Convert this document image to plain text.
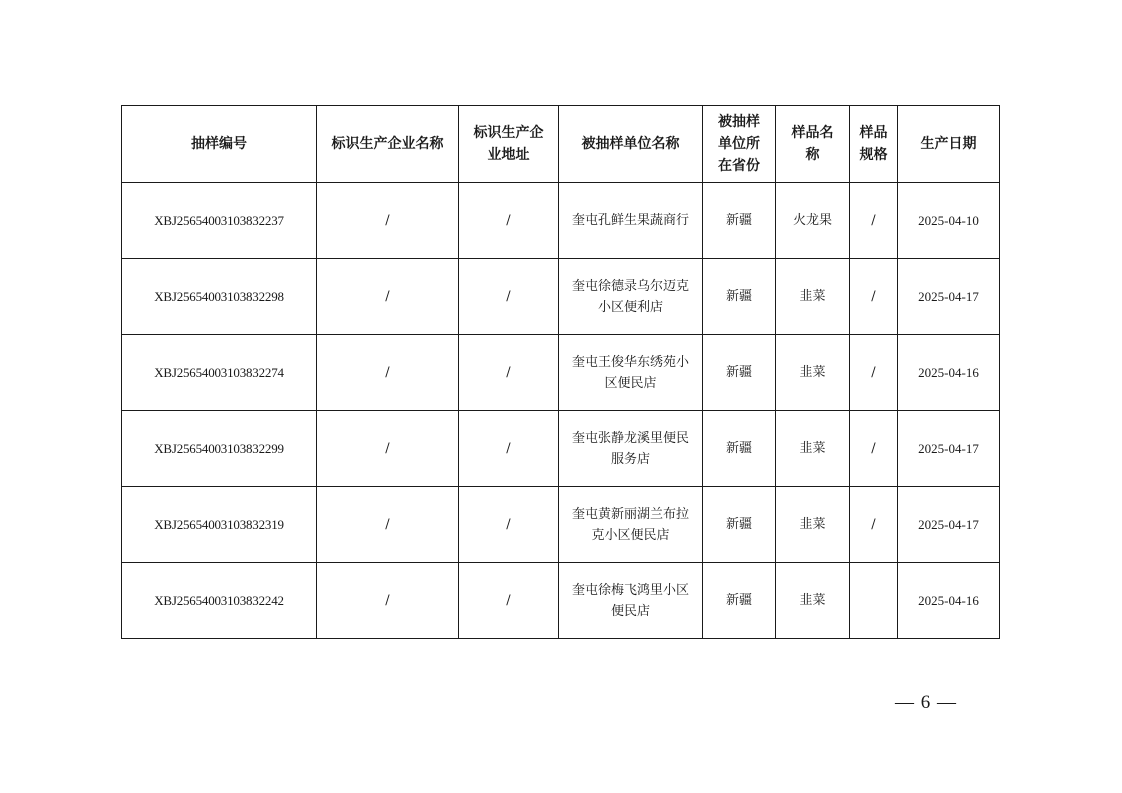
抽样编号	标识生产企业名称	标识生产企业地址	被抽样单位名称	被抽样单位所在省份	样品名称	样品规格	生产日期
XBJ25654003103832237	/	/	奎屯孔鲜生果蔬商行	新疆	火龙果	/	2025-04-10
XBJ25654003103832298	/	/	奎屯徐德录乌尔迈克小区便利店	新疆	韭菜	/	2025-04-17
XBJ25654003103832274	/	/	奎屯王俊华东绣苑小区便民店	新疆	韭菜	/	2025-04-16
XBJ25654003103832299	/	/	奎屯张静龙溪里便民服务店	新疆	韭菜	/	2025-04-17
XBJ25654003103832319	/	/	奎屯黄新丽湖兰布拉克小区便民店	新疆	韭菜	/	2025-04-17
XBJ25654003103832242	/	/	奎屯徐梅飞鸿里小区便民店	新疆	韭菜		2025-04-16
— 6 —
